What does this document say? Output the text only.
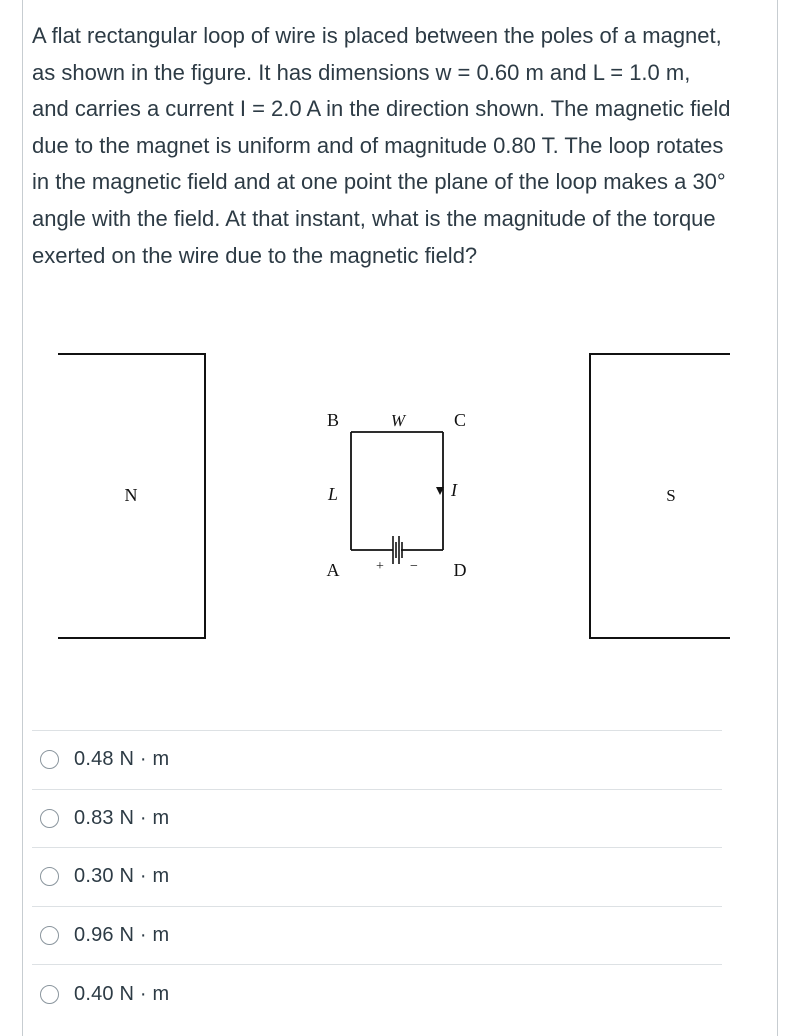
A flat rectangular loop of wire is placed between the poles of a magnet, as shown in the figure. It has dimensions w = 0.60 m and L = 1.0 m, and carries a current I = 2.0 A in the direction shown. The magnetic field due to the magnet is uniform and of magnitude 0.80 T. The loop rotates in the magnetic field and at one point the plane of the loop makes a 30° angle with the field. At that instant, what is the magnitude of the torque exerted on the wire due to the magnetic field?

N	S
+ −
I
B	W	C
L
A	D
0.48 N · m
0.83 N · m
0.30 N · m
0.96 N · m
0.40 N · m
